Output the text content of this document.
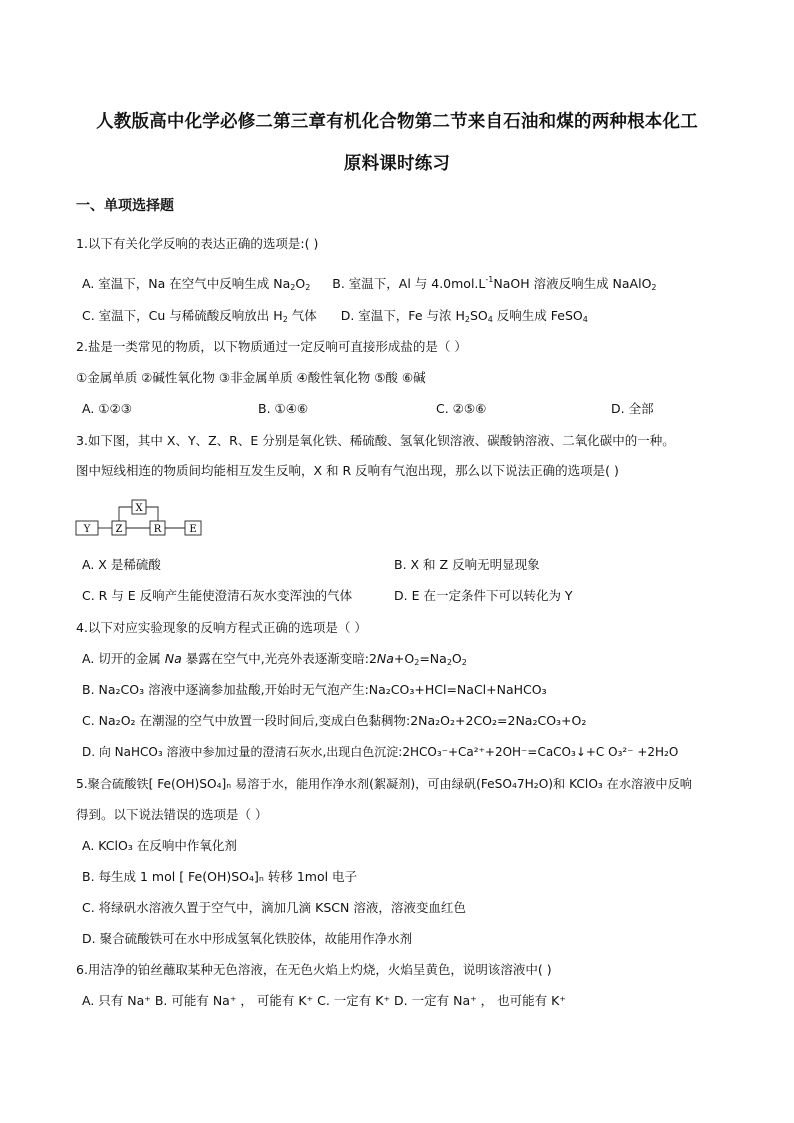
人教版高中化学必修二第三章有机化合物第二节来自石油和煤的两种根本化工
原料课时练习
一、单项选择题
1.以下有关化学反响的表达正确的选项是:( )
A. 室温下，Na 在空气中反响生成 $Na_2O_2$ B. 室温下，Al 与 $4.0mol.L^{-1}NaOH$ 溶液反响生成 NaAlO$_2$
C. 室温下，Cu 与稀硫酸反响放出 $H_2$ 气体 D. 室温下，Fe 与浓 $H_2SO_4$ 反响生成 FeSO$_4$
2.盐是一类常见的物质，以下物质通过一定反响可直接形成盐的是（ ）
①金属单质 ②碱性氧化物 ③非金属单质 ④酸性氧化物 ⑤酸 ⑥碱
A. ①②③	B. ①④⑥	C. ②⑤⑥	D. 全部
3.如下图，其中 X、Y、Z、R、E 分别是氧化铁、稀硫酸、氢氧化钡溶液、碳酸钠溶液、二氧化碳中的一种。
图中短线相连的物质间均能相互发生反响，X 和 R 反响有气泡出现，那么以下说法正确的选项是( )
X
Y	Z	R	E
A. X 是稀硫酸	B. X 和 Z 反响无明显现象
C. R 与 E 反响产生能使澄清石灰水变浑浊的气体	D. E 在一定条件下可以转化为 Y
4.以下对应实验现象的反响方程式正确的选项是（ ）
A. 切开的金属 Na 暴露在空气中,光亮外表逐渐变暗$:2Na+O_2=Na_2O_2$
B. Na₂CO₃ 溶液中逐滴参加盐酸,开始时无气泡产生:Na₂CO₃+HCl=NaCl+NaHCO₃
C. Na₂O₂ 在潮湿的空气中放置一段时间后,变成白色黏稠物:2Na₂O₂+2CO₂=2Na₂CO₃+O₂
D. 向 NaHCO₃ 溶液中参加过量的澄清石灰水,出现白色沉淀:2HCO₃⁻+Ca²⁺+2OH⁻=CaCO₃↓+C O₃²⁻ +2H₂O
5.聚合硫酸铁[ Fe(OH)SO₄]ₙ 易溶于水，能用作净水剂(絮凝剂)，可由绿矾(FeSO₄7H₂O)和 KClO₃ 在水溶液中反响
得到。以下说法错误的选项是（ ）
A. KClO₃ 在反响中作氧化剂
B. 每生成 1 mol [ Fe(OH)SO₄]ₙ 转移 1mol 电子
C. 将绿矾水溶液久置于空气中，滴加几滴 KSCN 溶液，溶液变血红色
D. 聚合硫酸铁可在水中形成氢氧化铁胶体，故能用作净水剂
6.用洁净的铂丝蘸取某种无色溶液，在无色火焰上灼烧，火焰呈黄色，说明该溶液中( )
A. 只有 Na⁺ B. 可能有 Na⁺ ， 可能有 K⁺ C. 一定有 K⁺ D. 一定有 Na⁺ ， 也可能有 K⁺
